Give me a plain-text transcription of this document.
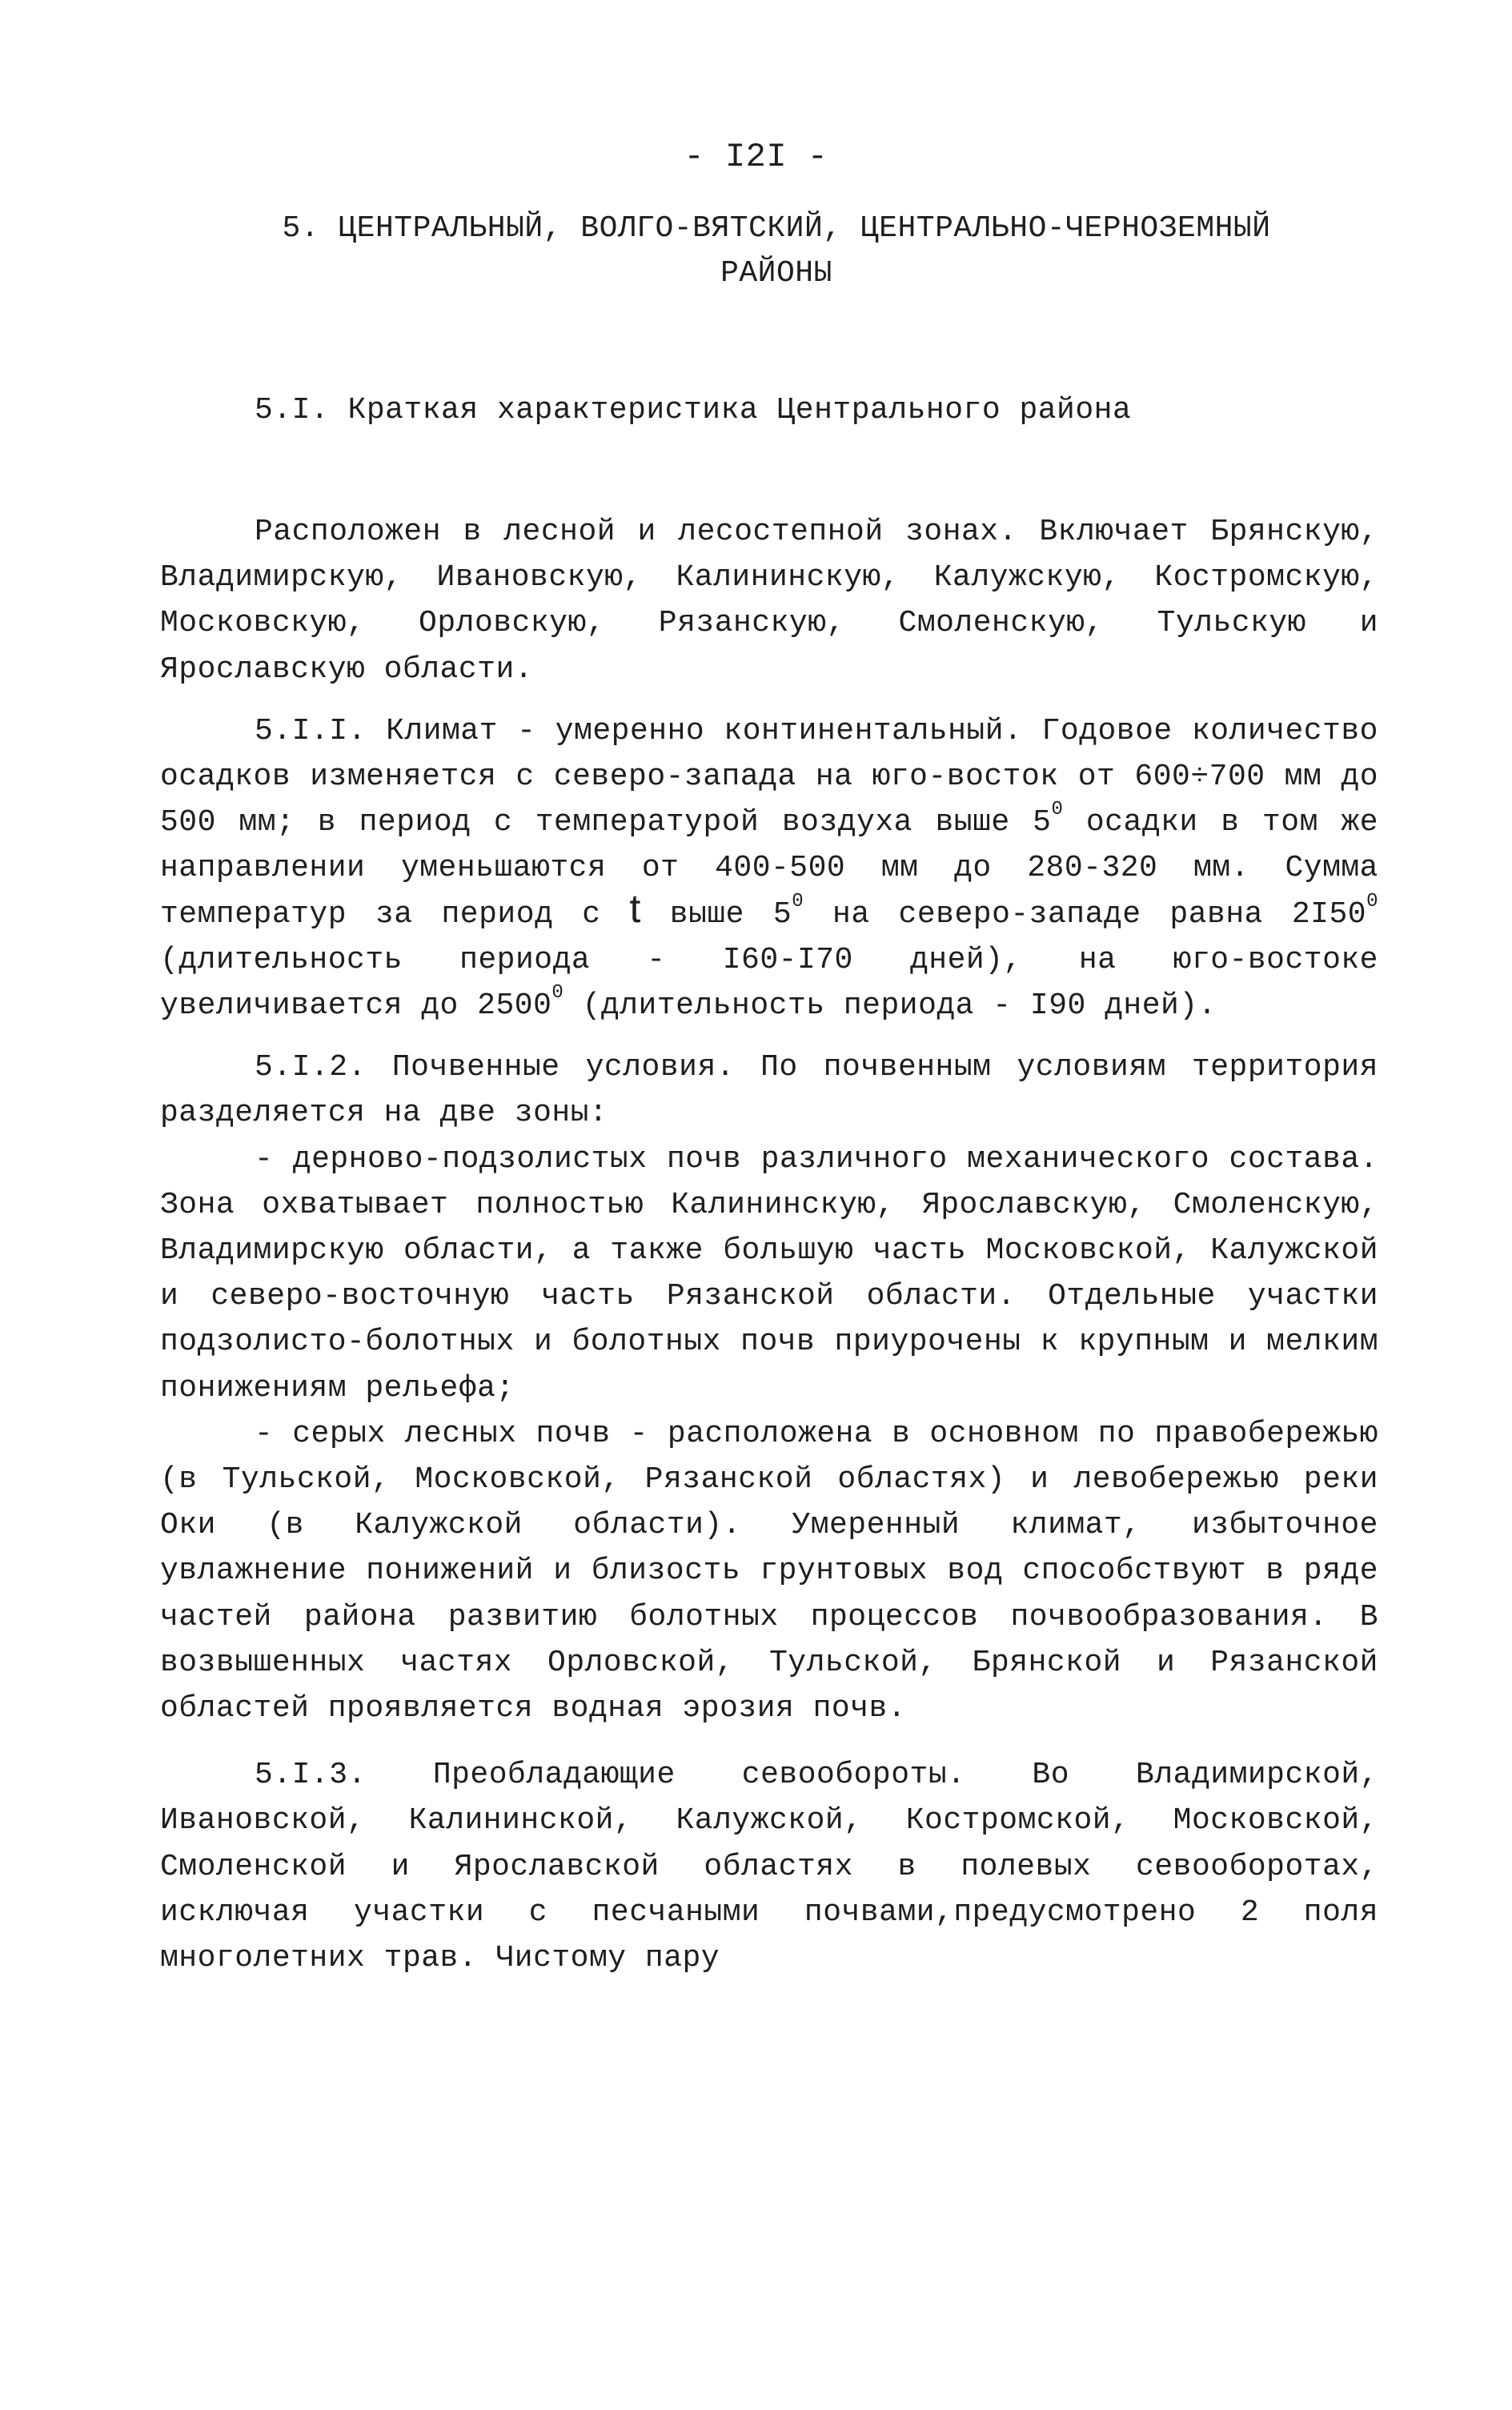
- I2I -
5. ЦЕНТРАЛЬНЫЙ, ВОЛГО-ВЯТСКИЙ, ЦЕНТРАЛЬНО-ЧЕРНОЗЕМНЫЙ
РАЙОНЫ
5.I. Краткая характеристика Центрального района

Расположен в лесной и лесостепной зонах. Включает Брянскую, Владимирскую, Ивановскую, Калининскую, Калужскую, Костромскую, Московскую, Орловскую, Рязанскую, Смоленскую, Тульскую и Ярославскую области.

5.I.I. Климат - умеренно континентальный. Годовое количество осадков изменяется с северо-запада на юго-восток от 600÷700 мм до 500 мм; в период с температурой воздуха выше $5^0$ осадки в том же направлении уменьшаются от 400-500 мм до 280-320 мм. Сумма температур за период с t выше $5^0$ на северо-западе равна $2I50^0$ (длительность периода - I60-I70 дней), на юго-востоке увеличивается до 2500$^0$ (длительность периода - I90 дней).

5.I.2. Почвенные условия. По почвенным условиям территория разделяется на две зоны:

- дерново-подзолистых почв различного механического состава. Зона охватывает полностью Калининскую, Ярославскую, Смоленскую, Владимирскую области, а также большую часть Московской, Калужской и северо-восточную часть Рязанской области. Отдельные участки подзолисто-болотных и болотных почв приурочены к крупным и мелким понижениям рельефа;

- серых лесных почв - расположена в основном по правобережью (в Тульской, Московской, Рязанской областях) и левобережью реки Оки (в Калужской области). Умеренный климат, избыточное увлажнение понижений и близость грунтовых вод способствуют в ряде частей района развитию болотных процессов почвообразования. В возвышенных частях Орловской, Тульской, Брянской и Рязанской областей проявляется водная эрозия почв.

5.I.3. Преобладающие севообороты. Во Владимирской, Ивановской, Калининской, Калужской, Костромской, Московской, Смоленской и Ярославской областях в полевых севооборотах, исключая участки с песчаными почвами,предусмотрено 2 поля многолетних трав. Чистому пару
